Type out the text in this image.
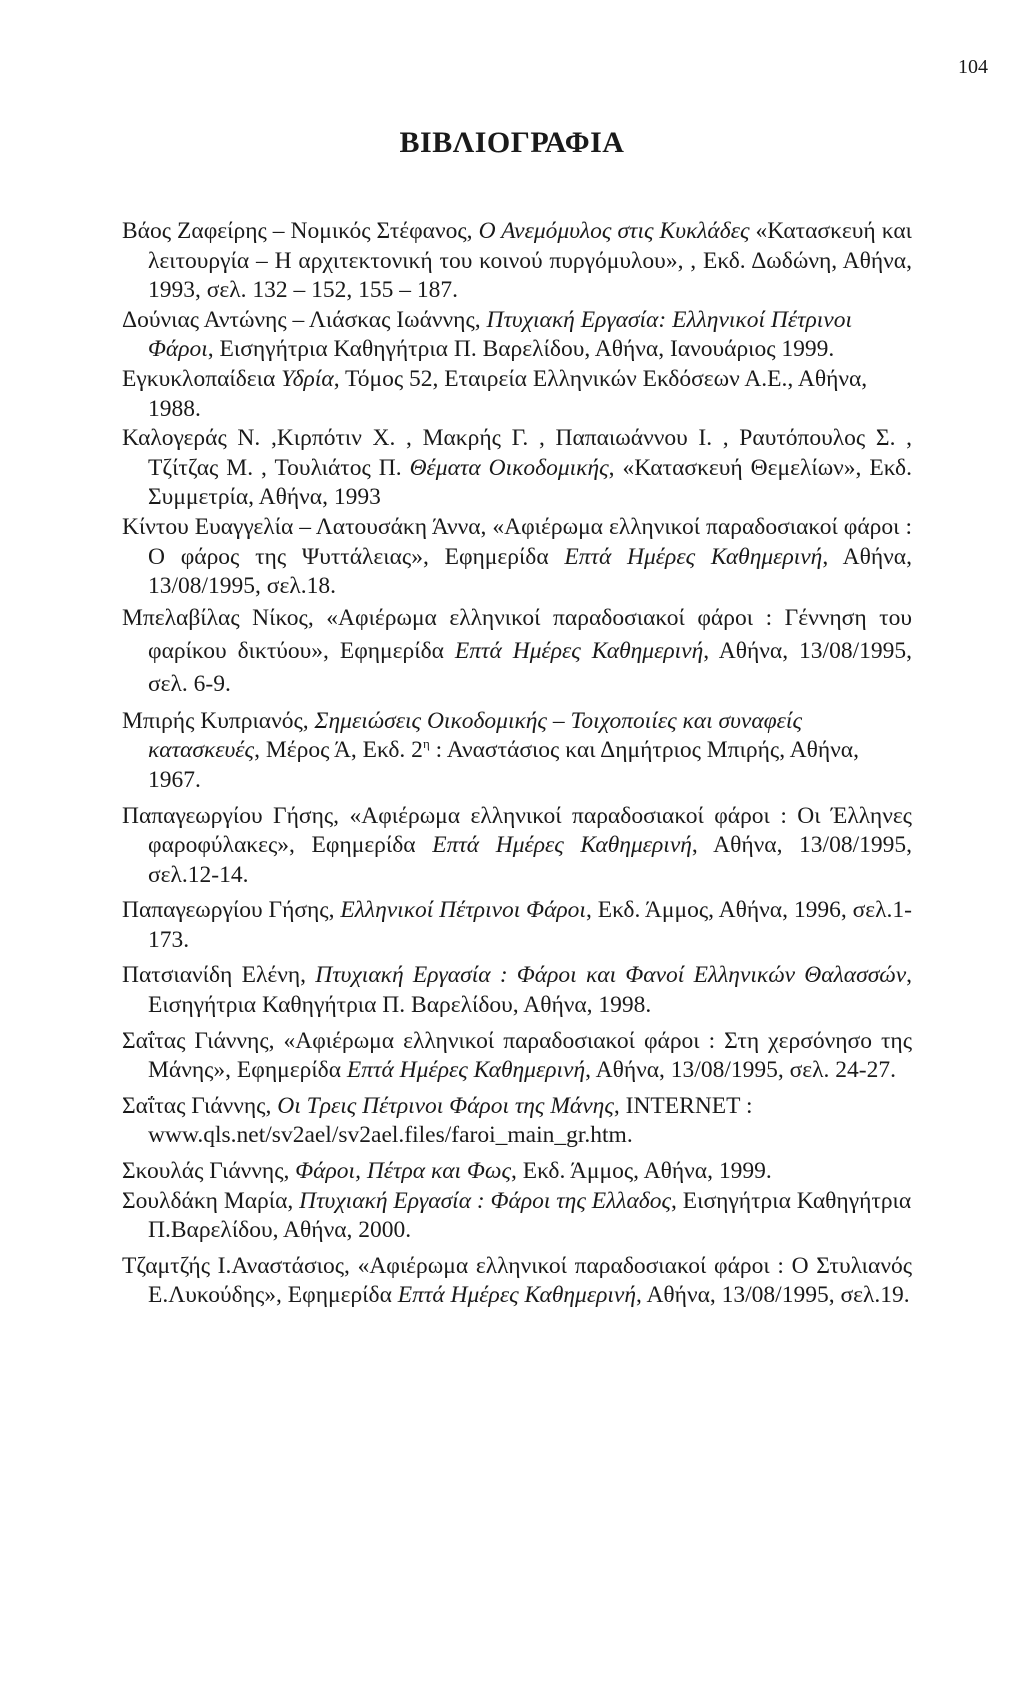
104
ΒΙΒΛΙΟΓΡΑΦΙΑ
Βάος Ζαφείρης – Νομικός Στέφανος, Ο Ανεμόμυλος στις Κυκλάδες «Κατασκευή και λειτουργία – Η αρχιτεκτονική του κοινού πυργόμυλου», , Εκδ. Δωδώνη, Αθήνα, 1993, σελ. 132 – 152, 155 – 187.
Δούνιας Αντώνης – Λιάσκας Ιωάννης, Πτυχιακή Εργασία: Ελληνικοί Πέτρινοι Φάροι, Εισηγήτρια Καθηγήτρια Π. Βαρελίδου, Αθήνα, Ιανουάριος 1999.
Εγκυκλοπαίδεια Υδρία, Τόμος 52, Εταιρεία Ελληνικών Εκδόσεων Α.Ε., Αθήνα, 1988.
Καλογεράς Ν. ,Κιρπότιν Χ. , Μακρής Γ. , Παπαιωάννου Ι. , Ραυτόπουλος Σ. , Τζίτζας Μ. , Τουλιάτος Π. Θέματα Οικοδομικής, «Κατασκευή Θεμελίων», Εκδ. Συμμετρία, Αθήνα, 1993
Κίντου Ευαγγελία – Λατουσάκη Άννα, «Αφιέρωμα ελληνικοί παραδοσιακοί φάροι : Ο φάρος της Ψυττάλειας», Εφημερίδα Επτά Ημέρες Καθημερινή, Αθήνα, 13/08/1995, σελ.18.
Μπελαβίλας Νίκος, «Αφιέρωμα ελληνικοί παραδοσιακοί φάροι : Γέννηση του φαρίκου δικτύου», Εφημερίδα Επτά Ημέρες Καθημερινή, Αθήνα, 13/08/1995, σελ. 6-9.
Μπιρής Κυπριανός, Σημειώσεις Οικοδομικής – Τοιχοποιίες και συναφείς κατασκευές, Μέρος Ά, Εκδ. $2^\eta$ : Αναστάσιος και Δημήτριος Μπιρής, Αθήνα, 1967.
Παπαγεωργίου Γήσης, «Αφιέρωμα ελληνικοί παραδοσιακοί φάροι : Οι Έλληνες φαροφύλακες», Εφημερίδα Επτά Ημέρες Καθημερινή, Αθήνα, 13/08/1995, σελ.12-14.
Παπαγεωργίου Γήσης, Ελληνικοί Πέτρινοι Φάροι, Εκδ. Άμμος, Αθήνα, 1996, σελ.1-173.
Πατσιανίδη Ελένη, Πτυχιακή Εργασία : Φάροι και Φανοί Ελληνικών Θαλασσών, Εισηγήτρια Καθηγήτρια Π. Βαρελίδου, Αθήνα, 1998.
Σαΐτας Γιάννης, «Αφιέρωμα ελληνικοί παραδοσιακοί φάροι : Στη χερσόνησο της Μάνης», Εφημερίδα Επτά Ημέρες Καθημερινή, Αθήνα, 13/08/1995, σελ. 24-27.
Σαΐτας Γιάννης, Οι Τρεις Πέτρινοι Φάροι της Μάνης, INTERNET : www.qls.net/sv2ael/sv2ael.files/faroi_main_gr.htm.
Σκουλάς Γιάννης, Φάροι, Πέτρα και Φως, Εκδ. Άμμος, Αθήνα, 1999.
Σουλδάκη Μαρία, Πτυχιακή Εργασία : Φάροι της Ελλαδος, Εισηγήτρια Καθηγήτρια Π.Βαρελίδου, Αθήνα, 2000.
Τζαμτζής Ι.Αναστάσιος, «Αφιέρωμα ελληνικοί παραδοσιακοί φάροι : Ο Στυλιανός Ε.Λυκούδης», Εφημερίδα Επτά Ημέρες Καθημερινή, Αθήνα, 13/08/1995, σελ.19.
